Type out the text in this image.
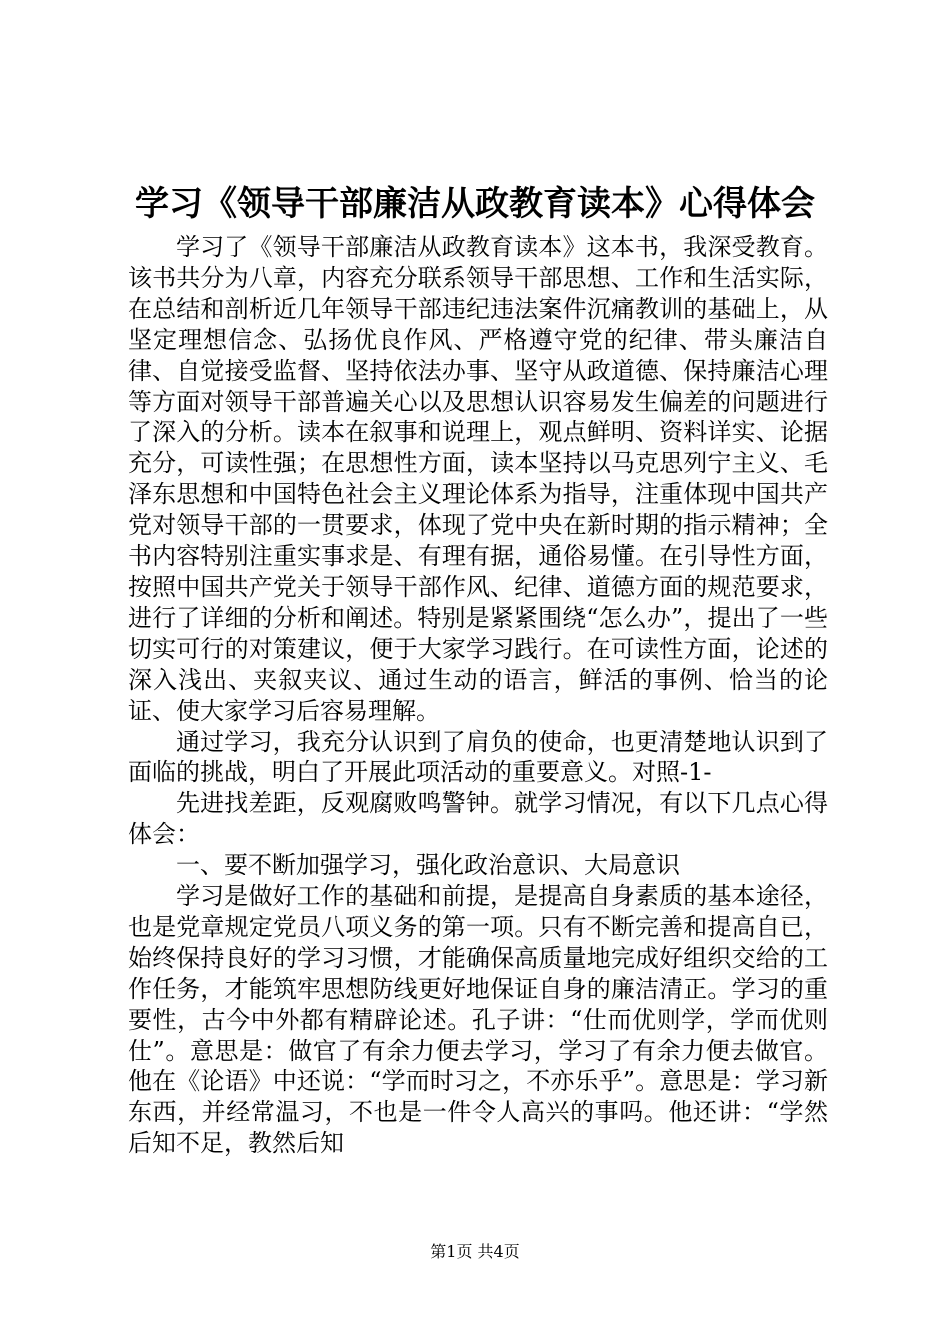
学习《领导干部廉洁从政教育读本》心得体会

学习了《领导干部廉洁从政教育读本》这本书，我深受教育。该书共分为八章，内容充分联系领导干部思想、工作和生活实际，在总结和剖析近几年领导干部违纪违法案件沉痛教训的基础上，从坚定理想信念、弘扬优良作风、严格遵守党的纪律、带头廉洁自律、自觉接受监督、坚持依法办事、坚守从政道德、保持廉洁心理等方面对领导干部普遍关心以及思想认识容易发生偏差的问题进行了深入的分析。读本在叙事和说理上，观点鲜明、资料详实、论据充分，可读性强；在思想性方面，读本坚持以马克思列宁主义、毛泽东思想和中国特色社会主义理论体系为指导，注重体现中国共产党对领导干部的一贯要求，体现了党中央在新时期的指示精神；全书内容特别注重实事求是、有理有据，通俗易懂。在引导性方面，按照中国共产党关于领导干部作风、纪律、道德方面的规范要求，进行了详细的分析和阐述。特别是紧紧围绕“怎么办”，提出了一些切实可行的对策建议，便于大家学习践行。在可读性方面，论述的深入浅出、夹叙夹议、通过生动的语言，鲜活的事例、恰当的论证、使大家学习后容易理解。

通过学习，我充分认识到了肩负的使命，也更清楚地认识到了面临的挑战，明白了开展此项活动的重要意义。对照-1-

先进找差距，反观腐败鸣警钟。就学习情况，有以下几点心得体会：

一、要不断加强学习，强化政治意识、大局意识

学习是做好工作的基础和前提，是提高自身素质的基本途径，也是党章规定党员八项义务的第一项。只有不断完善和提高自已，始终保持良好的学习习惯，才能确保高质量地完成好组织交给的工作任务，才能筑牢思想防线更好地保证自身的廉洁清正。学习的重要性，古今中外都有精辟论述。孔子讲：“仕而优则学，学而优则仕”。意思是：做官了有余力便去学习，学习了有余力便去做官。他在《论语》中还说：“学而时习之，不亦乐乎”。意思是：学习新东西，并经常温习，不也是一件令人高兴的事吗。他还讲：“学然后知不足，教然后知

第1页 共4页
